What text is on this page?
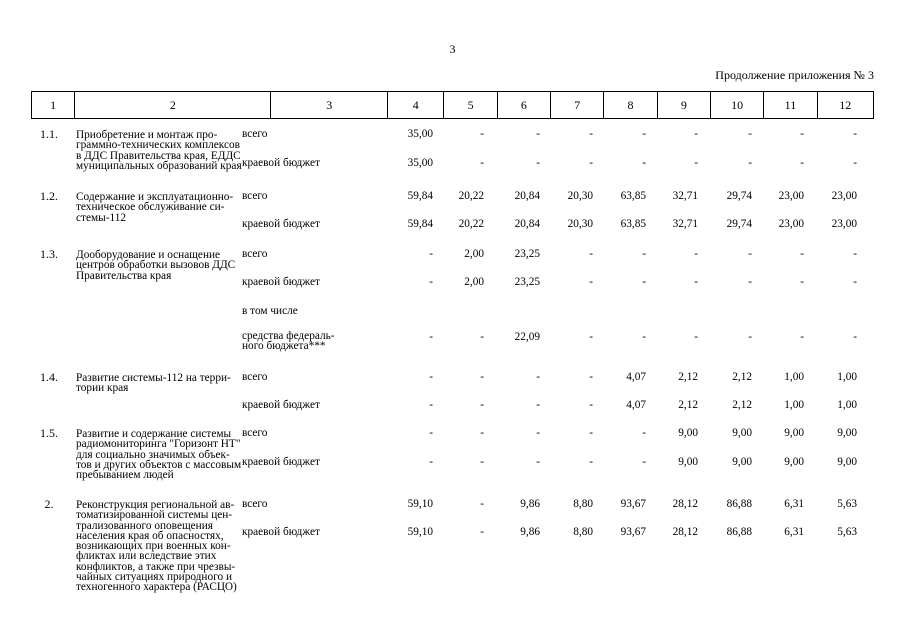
3
Продолжение приложения № 3
1	2	3	4	5	6	7	8	9	10	11	12
1.1.	Приобретение и монтаж про-
граммно-технических комплексов
в ДДС Правительства края, ЕДДС
муниципальных образований края
всего	35,00	-	-	-	-	-	-	-	-
краевой бюджет	35,00	-	-	-	-	-	-	-	-
1.2.	Содержание и эксплуатационно-
техническое обслуживание си-
стемы-112
всего	59,84	20,22	20,84	20,30	63,85	32,71	29,74	23,00	23,00
краевой бюджет	59,84	20,22	20,84	20,30	63,85	32,71	29,74	23,00	23,00
1.3.	Дооборудование и оснащение
центров обработки вызовов ДДС
Правительства края
всего	-	2,00	23,25	-	-	-	-	-	-
краевой бюджет	-	2,00	23,25	-	-	-	-	-	-
в том числе
средства федераль-
ного бюджета***
-	-	22,09	-	-	-	-	-	-
1.4.	Развитие системы-112 на терри-
тории края
всего	-	-	-	-	4,07	2,12	2,12	1,00	1,00
краевой бюджет	-	-	-	-	4,07	2,12	2,12	1,00	1,00
1.5.	Развитие и содержание системы
радиомониторинга "Горизонт НТ"
для социально значимых объек-
тов и других объектов с массовым
пребыванием людей
всего	-	-	-	-	-	9,00	9,00	9,00	9,00
краевой бюджет	-	-	-	-	-	9,00	9,00	9,00	9,00
2.	Реконструкция региональной ав-
томатизированной системы цен-
трализованного оповещения
населения края об опасностях,
возникающих при военных кон-
фликтах или вследствие этих
конфликтов, а также при чрезвы-
чайных ситуациях природного и
техногенного характера (РАСЦО)
всего	59,10	-	9,86	8,80	93,67	28,12	86,88	6,31	5,63
краевой бюджет	59,10	-	9,86	8,80	93,67	28,12	86,88	6,31	5,63
